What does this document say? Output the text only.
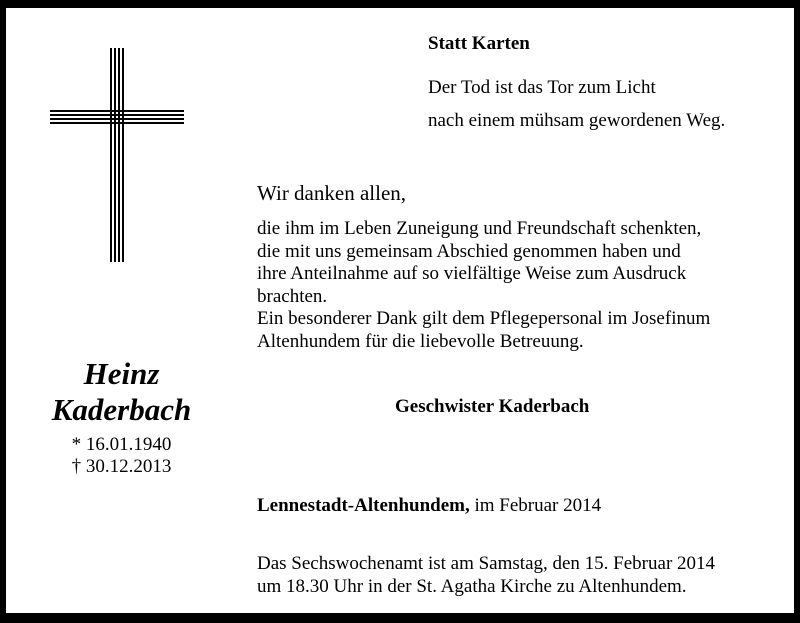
Statt Karten
Der Tod ist das Tor zum Licht
nach einem mühsam gewordenen Weg.
Wir danken allen,
die ihm im Leben Zuneigung und Freundschaft schenkten,
die mit uns gemeinsam Abschied genommen haben und
ihre Anteilnahme auf so vielfältige Weise zum Ausdruck
brachten.
Ein besonderer Dank gilt dem Pflegepersonal im Josefinum
Altenhundem für die liebevolle Betreuung.
Heinz
Kaderbach
* 16.01.1940
† 30.12.2013
Geschwister Kaderbach
Lennestadt-Altenhundem, im Februar 2014
Das Sechswochenamt ist am Samstag, den 15. Februar 2014
um 18.30 Uhr in der St. Agatha Kirche zu Altenhundem.
